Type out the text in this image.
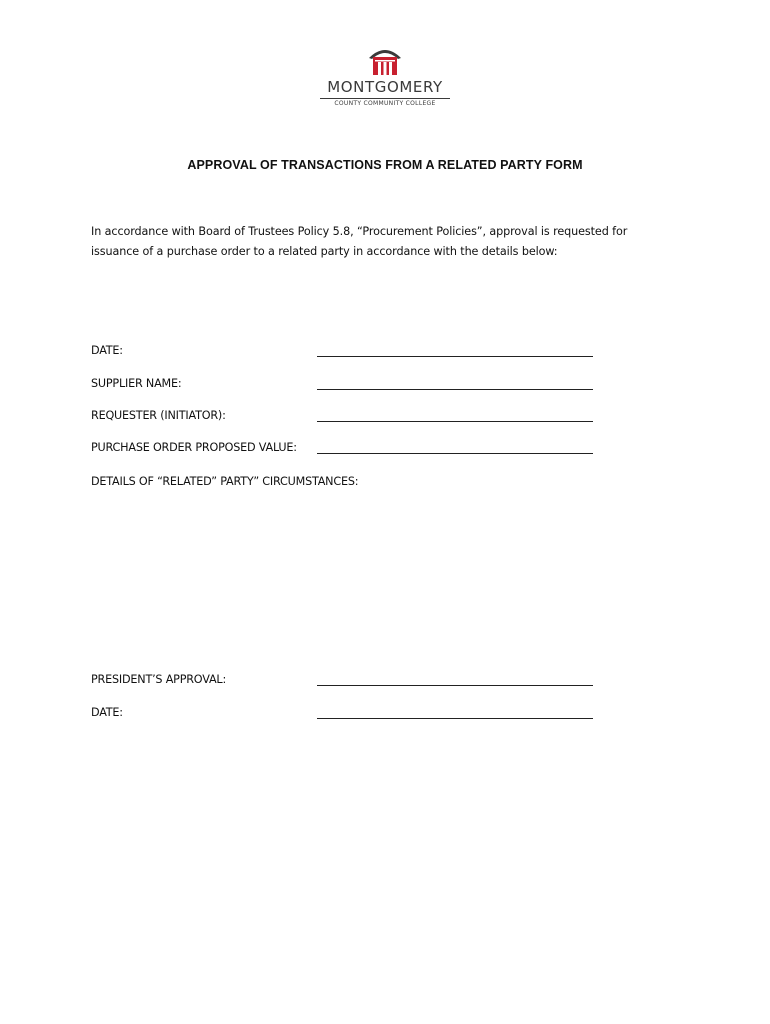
MONTGOMERY
COUNTY COMMUNITY COLLEGE
APPROVAL OF TRANSACTIONS FROM A RELATED PARTY FORM

In accordance with Board of Trustees Policy 5.8, “Procurement Policies”, approval is requested for

issuance of a purchase order to a related party in accordance with the details below:

DATE:
SUPPLIER NAME:
REQUESTER (INITIATOR):
PURCHASE ORDER PROPOSED VALUE:
DETAILS OF “RELATED” PARTY” CIRCUMSTANCES:
PRESIDENT’S APPROVAL:
DATE:
